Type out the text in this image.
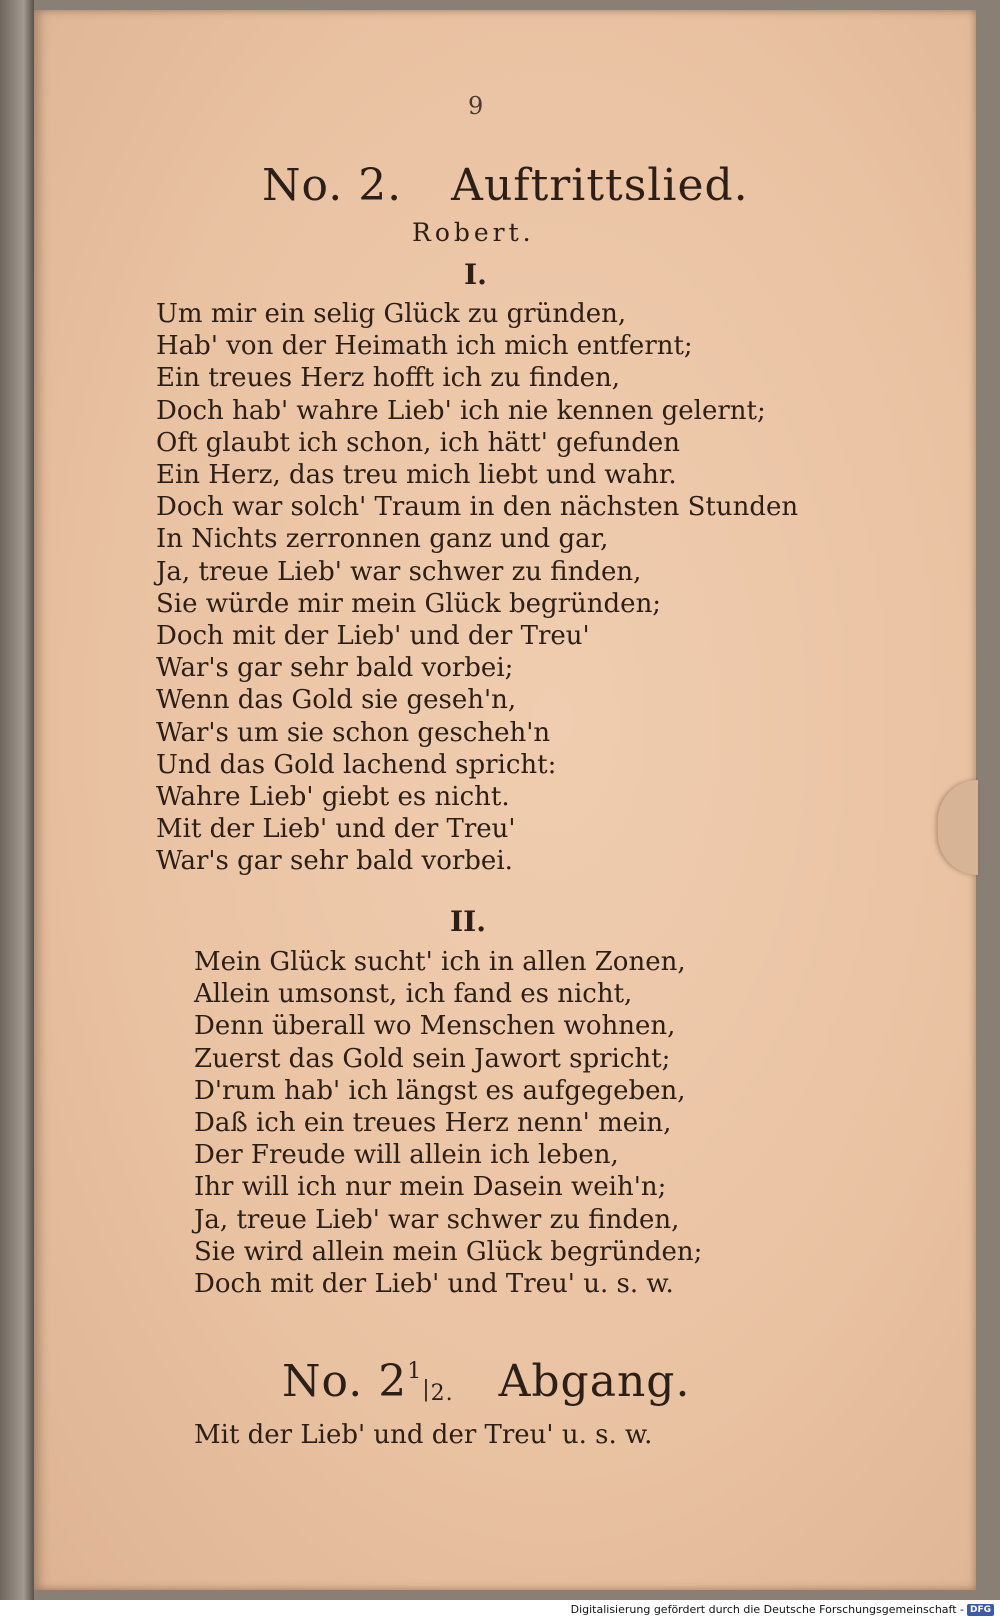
9
No. 2. Auftrittslied.
Robert.
I.
Um mir ein selig Glück zu gründen,
Hab' von der Heimath ich mich entfernt;
Ein treues Herz hofft ich zu finden,
Doch hab' wahre Lieb' ich nie kennen gelernt;
Oft glaubt ich schon, ich hätt' gefunden
Ein Herz, das treu mich liebt und wahr.
Doch war solch' Traum in den nächsten Stunden
In Nichts zerronnen ganz und gar,
Ja, treue Lieb' war schwer zu finden,
Sie würde mir mein Glück begründen;
Doch mit der Lieb' und der Treu'
War's gar sehr bald vorbei;
Wenn das Gold sie geseh'n,
War's um sie schon gescheh'n
Und das Gold lachend spricht:
Wahre Lieb' giebt es nicht.
Mit der Lieb' und der Treu'
War's gar sehr bald vorbei.
II.
Mein Glück sucht' ich in allen Zonen,
Allein umsonst, ich fand es nicht,
Denn überall wo Menschen wohnen,
Zuerst das Gold sein Jawort spricht;
D'rum hab' ich längst es aufgegeben,
Daß ich ein treues Herz nenn' mein,
Der Freude will allein ich leben,
Ihr will ich nur mein Dasein weih'n;
Ja, treue Lieb' war schwer zu finden,
Sie wird allein mein Glück begründen;
Doch mit der Lieb' und Treu' u. s. w.
No. $2^1|2$. Abgang.
Mit der Lieb' und der Treu' u. s. w.
Digitalisierung gefördert durch die Deutsche Forschungsgemeinschaft - DFG
